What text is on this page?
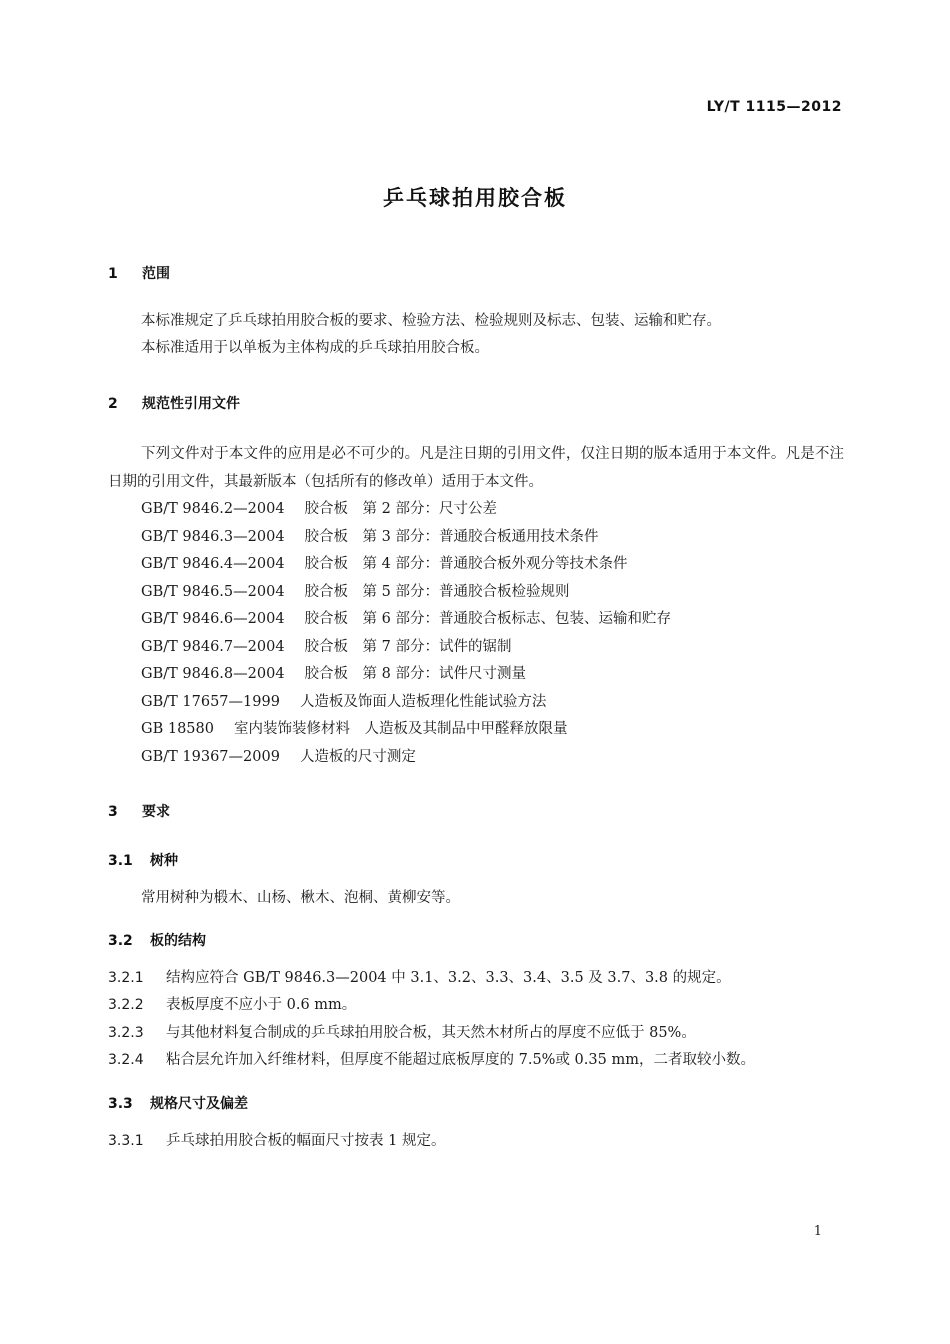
LY/T 1115—2012
乒乓球拍用胶合板
1 范围
本标准规定了乒乓球拍用胶合板的要求、检验方法、检验规则及标志、包装、运输和贮存。
本标准适用于以单板为主体构成的乒乓球拍用胶合板。
2 规范性引用文件
下列文件对于本文件的应用是必不可少的。凡是注日期的引用文件，仅注日期的版本适用于本文件。凡是不注日期的引用文件，其最新版本（包括所有的修改单）适用于本文件。
GB/T 9846.2—2004 胶合板　第 2 部分：尺寸公差
GB/T 9846.3—2004 胶合板　第 3 部分：普通胶合板通用技术条件
GB/T 9846.4—2004 胶合板　第 4 部分：普通胶合板外观分等技术条件
GB/T 9846.5—2004 胶合板　第 5 部分：普通胶合板检验规则
GB/T 9846.6—2004 胶合板　第 6 部分：普通胶合板标志、包装、运输和贮存
GB/T 9846.7—2004 胶合板　第 7 部分：试件的锯制
GB/T 9846.8—2004 胶合板　第 8 部分：试件尺寸测量
GB/T 17657—1999 人造板及饰面人造板理化性能试验方法
GB 18580 室内装饰装修材料　人造板及其制品中甲醛释放限量
GB/T 19367—2009 人造板的尺寸测定
3 要求
3.1 树种
常用树种为椴木、山杨、楸木、泡桐、黄柳安等。
3.2 板的结构
3.2.1 结构应符合 GB/T 9846.3—2004 中 3.1、3.2、3.3、3.4、3.5 及 3.7、3.8 的规定。
3.2.2 表板厚度不应小于 0.6 mm。
3.2.3 与其他材料复合制成的乒乓球拍用胶合板，其天然木材所占的厚度不应低于 85%。
3.2.4 粘合层允许加入纤维材料，但厚度不能超过底板厚度的 7.5%或 0.35 mm，二者取较小数。
3.3 规格尺寸及偏差
3.3.1 乒乓球拍用胶合板的幅面尺寸按表 1 规定。
1
